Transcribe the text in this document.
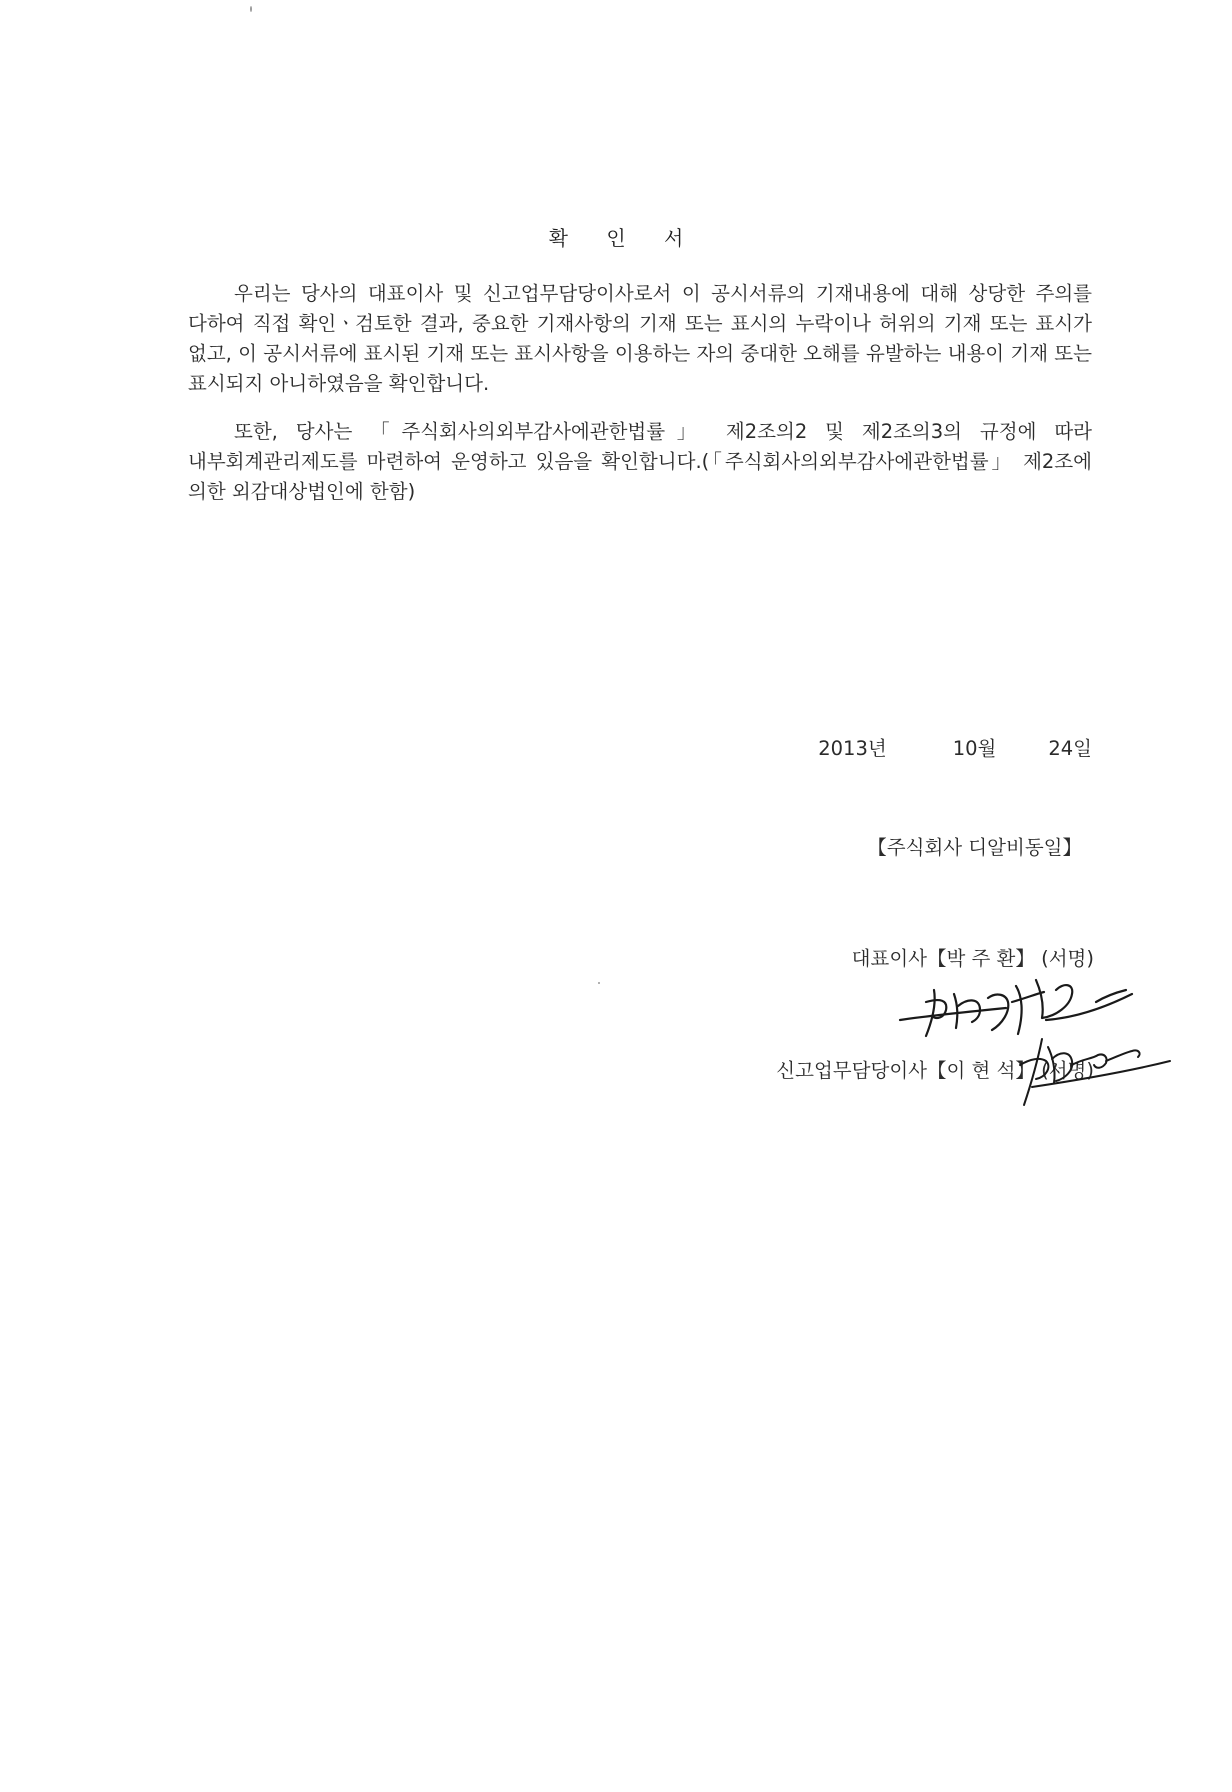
확 인 서

우리는 당사의 대표이사 및 신고업무담당이사로서 이 공시서류의 기재내용에 대해 상당한 주의를 다하여 직접 확인ㆍ검토한 결과, 중요한 기재사항의 기재 또는 표시의 누락이나 허위의 기재 또는 표시가 없고, 이 공시서류에 표시된 기재 또는 표시사항을 이용하는 자의 중대한 오해를 유발하는 내용이 기재 또는 표시되지 아니하였음을 확인합니다.

또한, 당사는 「주식회사의외부감사에관한법률」 제2조의2 및 제2조의3의 규정에 따라 내부회계관리제도를 마련하여 운영하고 있음을 확인합니다.(「주식회사의외부감사에관한법률」 제2조에 의한 외감대상법인에 한함)

2013년	10월	24일
【주식회사 디알비동일】
대표이사【박 주 환】 (서명)
신고업무담당이사【이 현 석】 (서명)
